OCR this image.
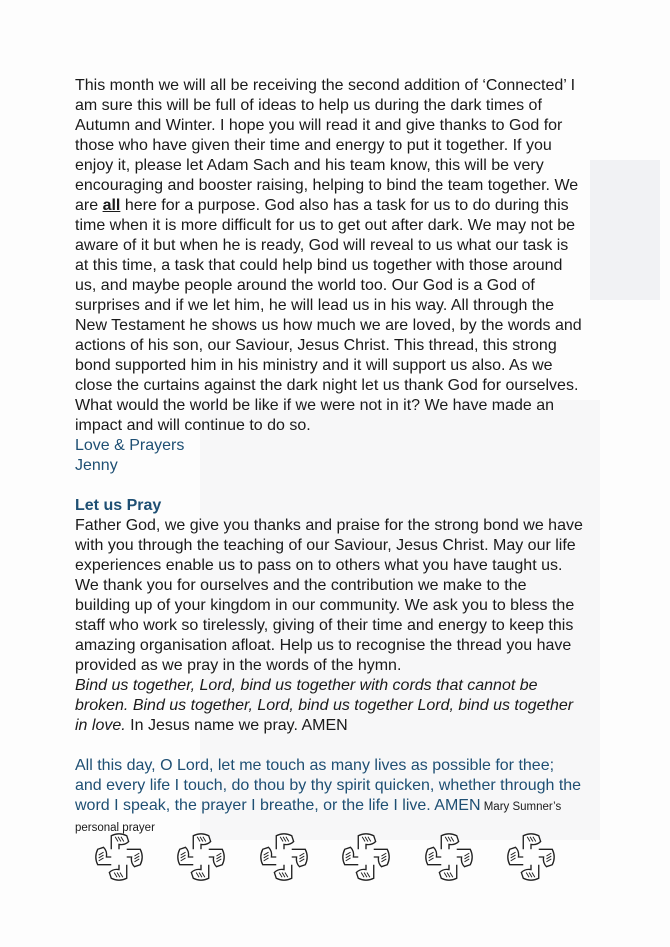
This month we will all be receiving the second addition of ‘Connected’ I am sure this will be full of ideas to help us during the dark times of Autumn and Winter. I hope you will read it and give thanks to God for those who have given their time and energy to put it together. If you enjoy it, please let Adam Sach and his team know, this will be very encouraging and booster raising, helping to bind the team together. We are all here for a purpose. God also has a task for us to do during this time when it is more difficult for us to get out after dark. We may not be aware of it but when he is ready, God will reveal to us what our task is at this time, a task that could help bind us together with those around us, and maybe people around the world too. Our God is a God of surprises and if we let him, he will lead us in his way. All through the New Testament he shows us how much we are loved, by the words and actions of his son, our Saviour, Jesus Christ. This thread, this strong bond supported him in his ministry and it will support us also. As we close the curtains against the dark night let us thank God for ourselves. What would the world be like if we were not in it? We have made an impact and will continue to do so.

Love & Prayers
Jenny
Let us Pray

Father God, we give you thanks and praise for the strong bond we have with you through the teaching of our Saviour, Jesus Christ. May our life experiences enable us to pass on to others what you have taught us. We thank you for ourselves and the contribution we make to the building up of your kingdom in our community. We ask you to bless the staff who work so tirelessly, giving of their time and energy to keep this amazing organisation afloat. Help us to recognise the thread you have provided as we pray in the words of the hymn.

Bind us together, Lord, bind us together with cords that cannot be broken. Bind us together, Lord, bind us together Lord, bind us together in love. In Jesus name we pray. AMEN

All this day, O Lord, let me touch as many lives as possible for thee; and every life I touch, do thou by thy spirit quicken, whether through the word I speak, the prayer I breathe, or the life I live. AMEN Mary Sumner’s personal prayer
